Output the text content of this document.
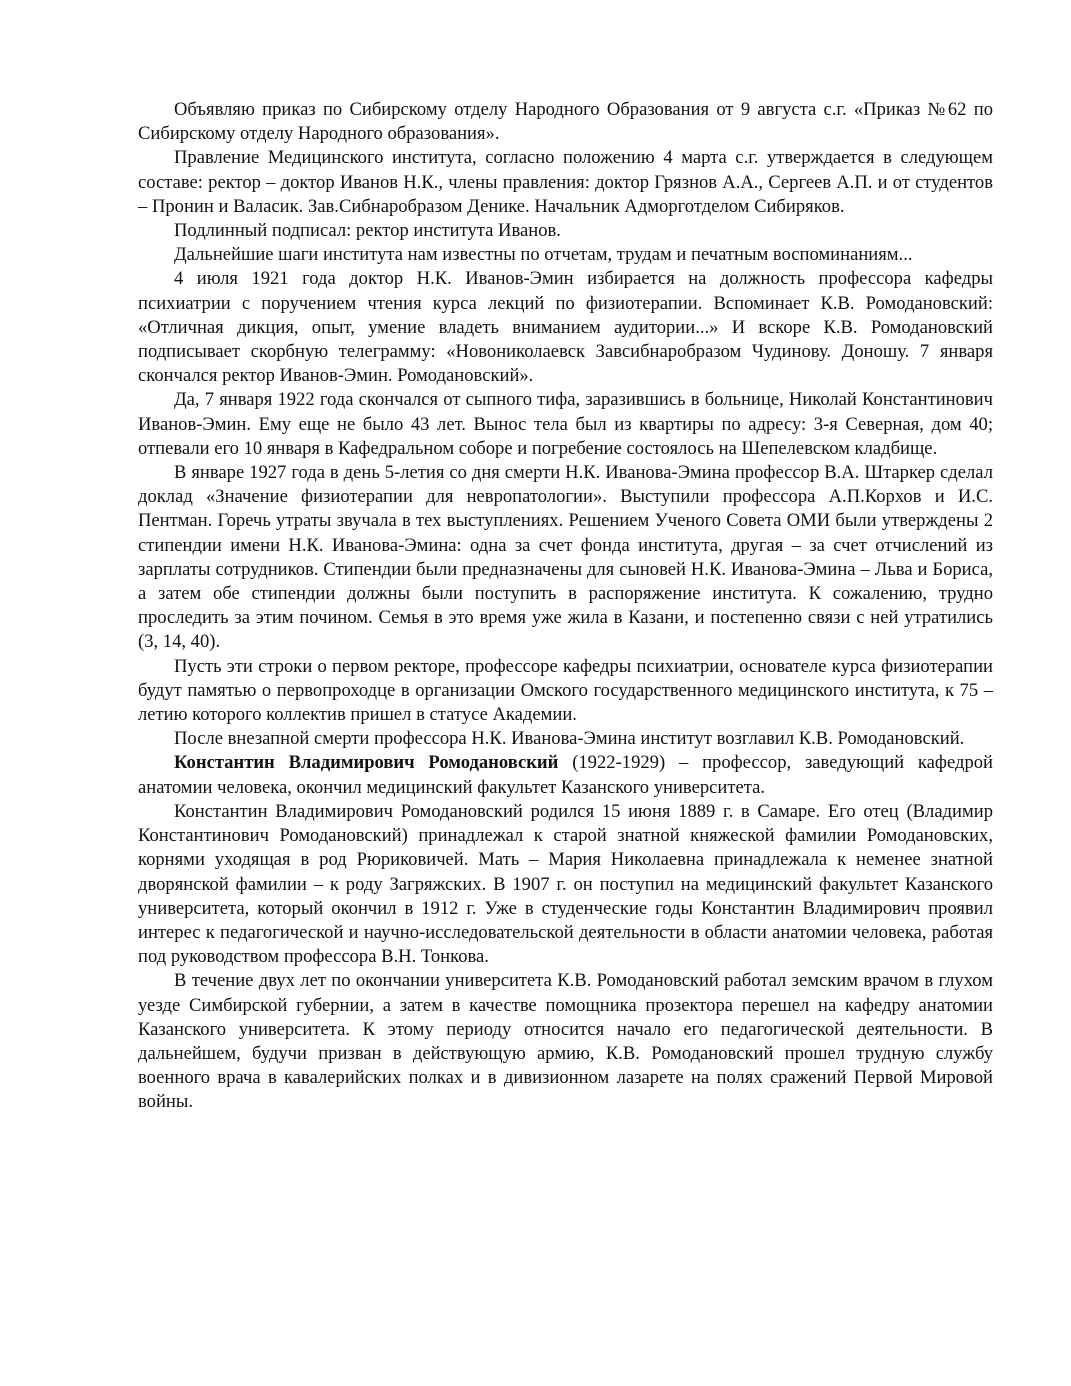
Объявляю приказ по Сибирскому отделу Народного Образования от 9 августа с.г. «Приказ №62 по Сибирскому отделу Народного образования».

Правление Медицинского института, согласно положению 4 марта с.г. утверждается в следующем составе: ректор – доктор Иванов Н.К., члены правления: доктор Грязнов А.А., Сергеев А.П. и от студентов – Пронин и Валасик. Зав.Сибнаробразом Денике. Начальник Адморготделом Сибиряков.

Подлинный подписал: ректор института Иванов.

Дальнейшие шаги института нам известны по отчетам, трудам и печатным воспоминаниям...

4 июля 1921 года доктор Н.К. Иванов-Эмин избирается на должность профессора кафедры психиатрии с поручением чтения курса лекций по физиотерапии. Вспоминает К.В. Ромодановский: «Отличная дикция, опыт, умение владеть вниманием аудитории...» И вскоре К.В. Ромодановский подписывает скорбную телеграмму: «Новониколаевск Завсибнаробразом Чудинову. Доношу. 7 января скончался ректор Иванов-Эмин. Ромодановский».

Да, 7 января 1922 года скончался от сыпного тифа, заразившись в больнице, Николай Константинович Иванов-Эмин. Ему еще не было 43 лет. Вынос тела был из квартиры по адресу: 3-я Северная, дом 40; отпевали его 10 января в Кафедральном соборе и погребение состоялось на Шепелевском кладбище.

В январе 1927 года в день 5-летия со дня смерти Н.К. Иванова-Эмина профессор В.А. Штаркер сделал доклад «Значение физиотерапии для невропатологии». Выступили профессора А.П.Корхов и И.С. Пентман. Горечь утраты звучала в тех выступлениях. Решением Ученого Совета ОМИ были утверждены 2 стипендии имени Н.К. Иванова-Эмина: одна за счет фонда института, другая – за счет отчислений из зарплаты сотрудников. Стипендии были предназначены для сыновей Н.К. Иванова-Эмина – Льва и Бориса, а затем обе стипендии должны были поступить в распоряжение института. К сожалению, трудно проследить за этим почином. Семья в это время уже жила в Казани, и постепенно связи с ней утратились (3, 14, 40).

Пусть эти строки о первом ректоре, профессоре кафедры психиатрии, основателе курса физиотерапии будут памятью о первопроходце в организации Омского государственного медицинского института, к 75 – летию которого коллектив пришел в статусе Академии.

После внезапной смерти профессора Н.К. Иванова-Эмина институт возглавил К.В. Ромодановский.

Константин Владимирович Ромодановский (1922-1929) – профессор, заведующий кафедрой анатомии человека, окончил медицинский факультет Казанского университета.

Константин Владимирович Ромодановский родился 15 июня 1889 г. в Самаре. Его отец (Владимир Константинович Ромодановский) принадлежал к старой знатной княжеской фамилии Ромодановских, корнями уходящая в род Рюриковичей. Мать – Мария Николаевна принадлежала к неменее знатной дворянской фамилии – к роду Загряжских. В 1907 г. он поступил на медицинский факультет Казанского университета, который окончил в 1912 г. Уже в студенческие годы Константин Владимирович проявил интерес к педагогической и научно-исследовательской деятельности в области анатомии человека, работая под руководством профессора В.Н. Тонкова.

В течение двух лет по окончании университета К.В. Ромодановский работал земским врачом в глухом уезде Симбирской губернии, а затем в качестве помощника прозектора перешел на кафедру анатомии Казанского университета. К этому периоду относится начало его педагогической деятельности. В дальнейшем, будучи призван в действующую армию, К.В. Ромодановский прошел трудную службу военного врача в кавалерийских полках и в дивизионном лазарете на полях сражений Первой Мировой войны.
